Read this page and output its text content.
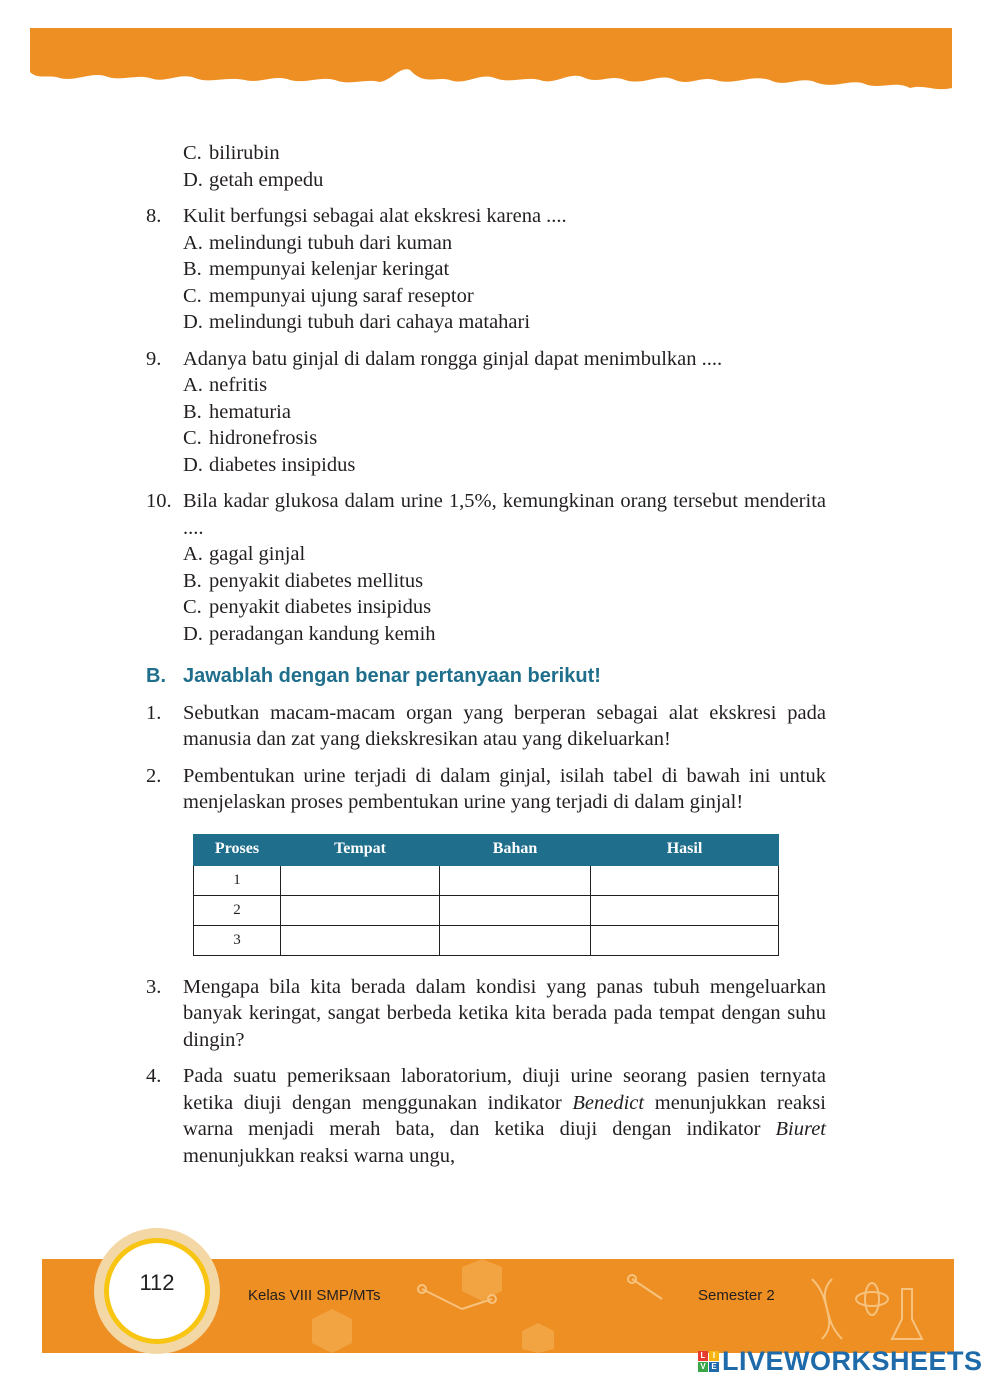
C. bilirubin
D. getah empedu
8. Kulit berfungsi sebagai alat ekskresi karena ....
A. melindungi tubuh dari kuman
B. mempunyai kelenjar keringat
C. mempunyai ujung saraf reseptor
D. melindungi tubuh dari cahaya matahari
9. Adanya batu ginjal di dalam rongga ginjal dapat menimbulkan ....
A. nefritis
B. hematuria
C. hidronefrosis
D. diabetes insipidus
10. Bila kadar glukosa dalam urine 1,5%, kemungkinan orang tersebut menderita ....
A. gagal ginjal
B. penyakit diabetes mellitus
C. penyakit diabetes insipidus
D. peradangan kandung kemih
B. Jawablah dengan benar pertanyaan berikut!
1. Sebutkan macam-macam organ yang berperan sebagai alat ekskresi pada manusia dan zat yang diekskresikan atau yang dikeluarkan!
2. Pembentukan urine terjadi di dalam ginjal, isilah tabel di bawah ini untuk menjelaskan proses pembentukan urine yang terjadi di dalam ginjal!
Proses	Tempat	Bahan	Hasil
1			
2			
3			
3. Mengapa bila kita berada dalam kondisi yang panas tubuh mengeluarkan banyak keringat, sangat berbeda ketika kita berada pada tempat dengan suhu dingin?
4. Pada suatu pemeriksaan laboratorium, diuji urine seorang pasien ternyata ketika diuji dengan menggunakan indikator Benedict menunjukkan reaksi warna menjadi merah bata, dan ketika diuji dengan indikator Biuret menunjukkan reaksi warna ungu,
112
Kelas VIII SMP/MTs	Semester 2
L I
V E LIVEWORKSHEETS
